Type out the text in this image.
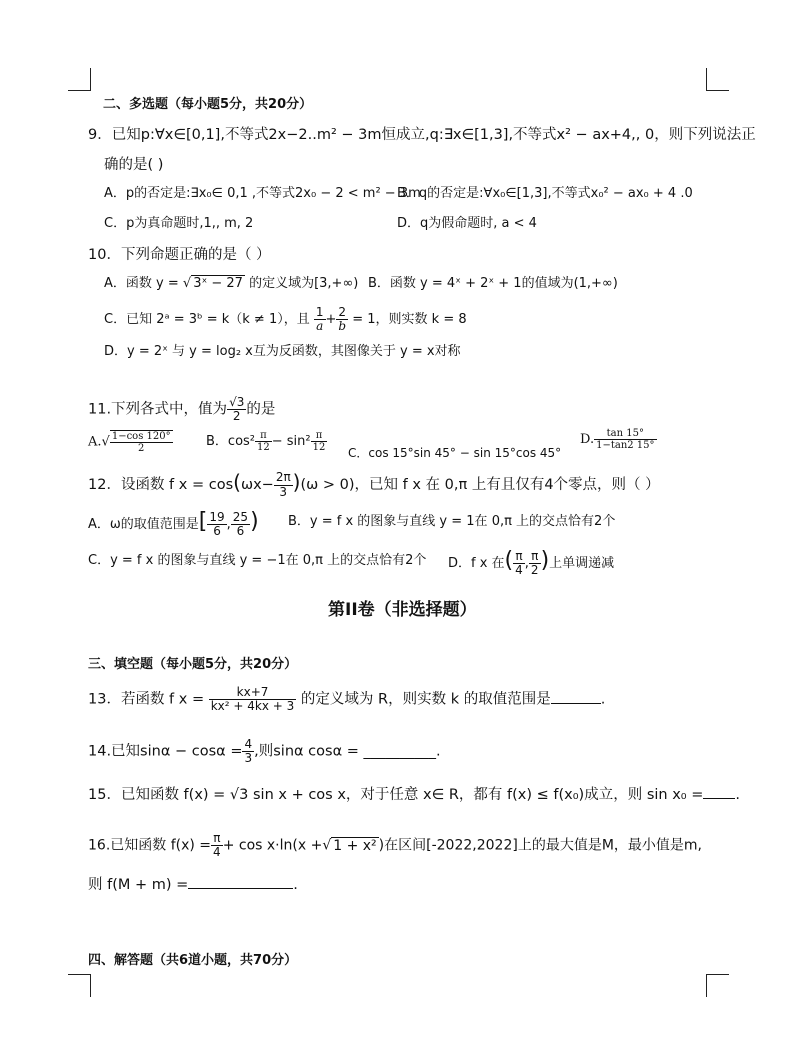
二、多选题（每小题5分，共20分）
9．已知p:∀x∈[0,1],不等式2x−2..m² − 3m恒成立,q:∃x∈[1,3],不等式x² − ax+4,, 0，则下列说法正
确的是( )
A．p的否定是:∃x₀∈ 0,1 ,不等式2x₀ − 2 < m² − 3m
B．q的否定是:∀x₀∈[1,3],不等式x₀² − ax₀ + 4 .0
C．p为真命题时,1,, m, 2	D．q为假命题时, a < 4
10．下列命题正确的是（ ）
A．函数 y = √ 3ˣ − 27 的定义域为[3,+∞) B．函数 y = 4ˣ + 2ˣ + 1的值域为(1,+∞)
C．已知 2ᵃ = 3ᵇ = k（k ≠ 1），且 $\frac{1}{a} + \frac{2}{b} = 1$，则实数 k = 8
D．y = 2ˣ 与 y = log₂ x互为反函数，其图像关于 y = x对称
11.下列各式中，值为 $\frac{√3}{2}$ 的是
$A.√ \frac{1-\cos 120^\circ}{2}$	B．$\cos^2 \frac{\pi}{12} - \sin^2 \frac{\pi}{12}$ C．cos 15°sin 45° − sin 15°cos 45°
D. $\frac{\tan 15^\circ}{1-\tan 2 15^\circ}$
12．设函数 f $x = \cos(\omega x- \frac{2\pi}{3} )(\omega > 0)$，已知 f x 在 0,π 上有且仅有4个零点，则（ ）
A．ω的取值范围是[ $\frac{19}{6}$ , $\frac{25}{6}$ ) B．y = f x 的图象与直线 y = 1在 0,π 上的交点恰有2个
C．y = f x 的图象与直线 y = −1在 0,π 上的交点恰有2个 D．f x 在( $\frac{\pi}{4}$ , $\frac{\pi}{2}$ )上单调递减
第II卷（非选择题）
三、填空题（每小题5分，共20分）
13．若函数 f $x = \frac{kx+7}{\text{kx² + 4kx + 3}}$ 的定义域为 R，则实数 k 的取值范围是	.
14.已知$\sin\alpha - \cos\alpha = \frac{4}{3}$ ,则sinα cosα = __________.
15．已知函数 f(x) = √3 sin x + cos x，对于任意 x∈ R，都有 f(x) ≤ f(x₀)成立，则 sin x₀ = .
16.已知函数 $f(x) = \frac{\pi}{4} + \cos x\cdot\ln(x$ +√ 1 + x² )在区间[-2022,2022]上的最大值是M，最小值是m,
则 f(M + m) =	.
四、解答题（共6道小题，共70分）
